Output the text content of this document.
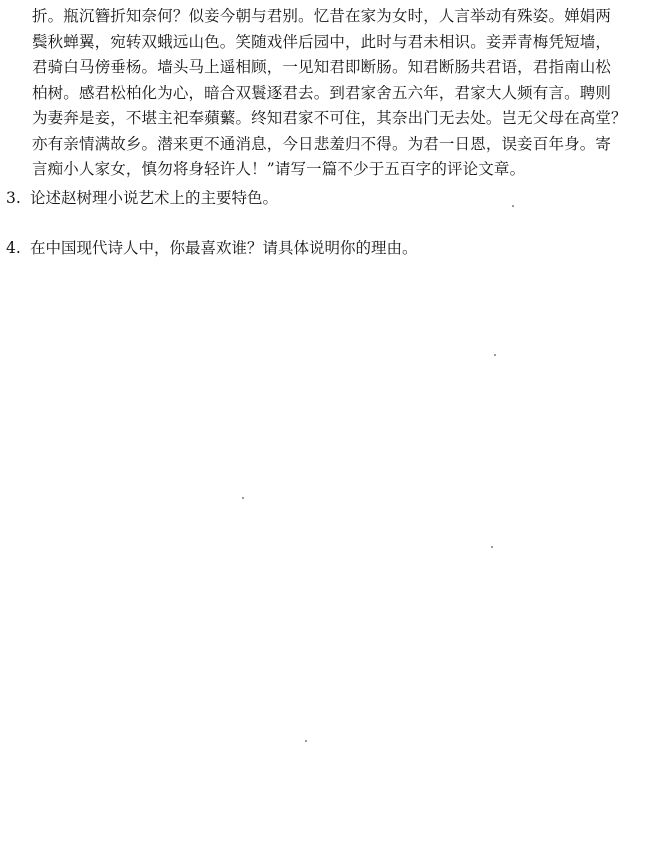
折。瓶沉簪折知奈何？似妾今朝与君别。忆昔在家为女时，人言举动有殊姿。婵娟两
鬓秋蝉翼，宛转双蛾远山色。笑随戏伴后园中，此时与君未相识。妾弄青梅凭短墙，
君骑白马傍垂杨。墙头马上遥相顾，一见知君即断肠。知君断肠共君语，君指南山松
柏树。感君松柏化为心，暗合双鬟逐君去。到君家舍五六年，君家大人频有言。聘则
为妻奔是妾，不堪主祀奉蘋蘩。终知君家不可住，其奈出门无去处。岂无父母在高堂？
亦有亲情满故乡。潜来更不通消息，今日悲羞归不得。为君一日恩，误妾百年身。寄
言痴小人家女，慎勿将身轻许人！”请写一篇不少于五百字的评论文章。
3. 论述赵树理小说艺术上的主要特色。
4. 在中国现代诗人中，你最喜欢谁？请具体说明你的理由。
